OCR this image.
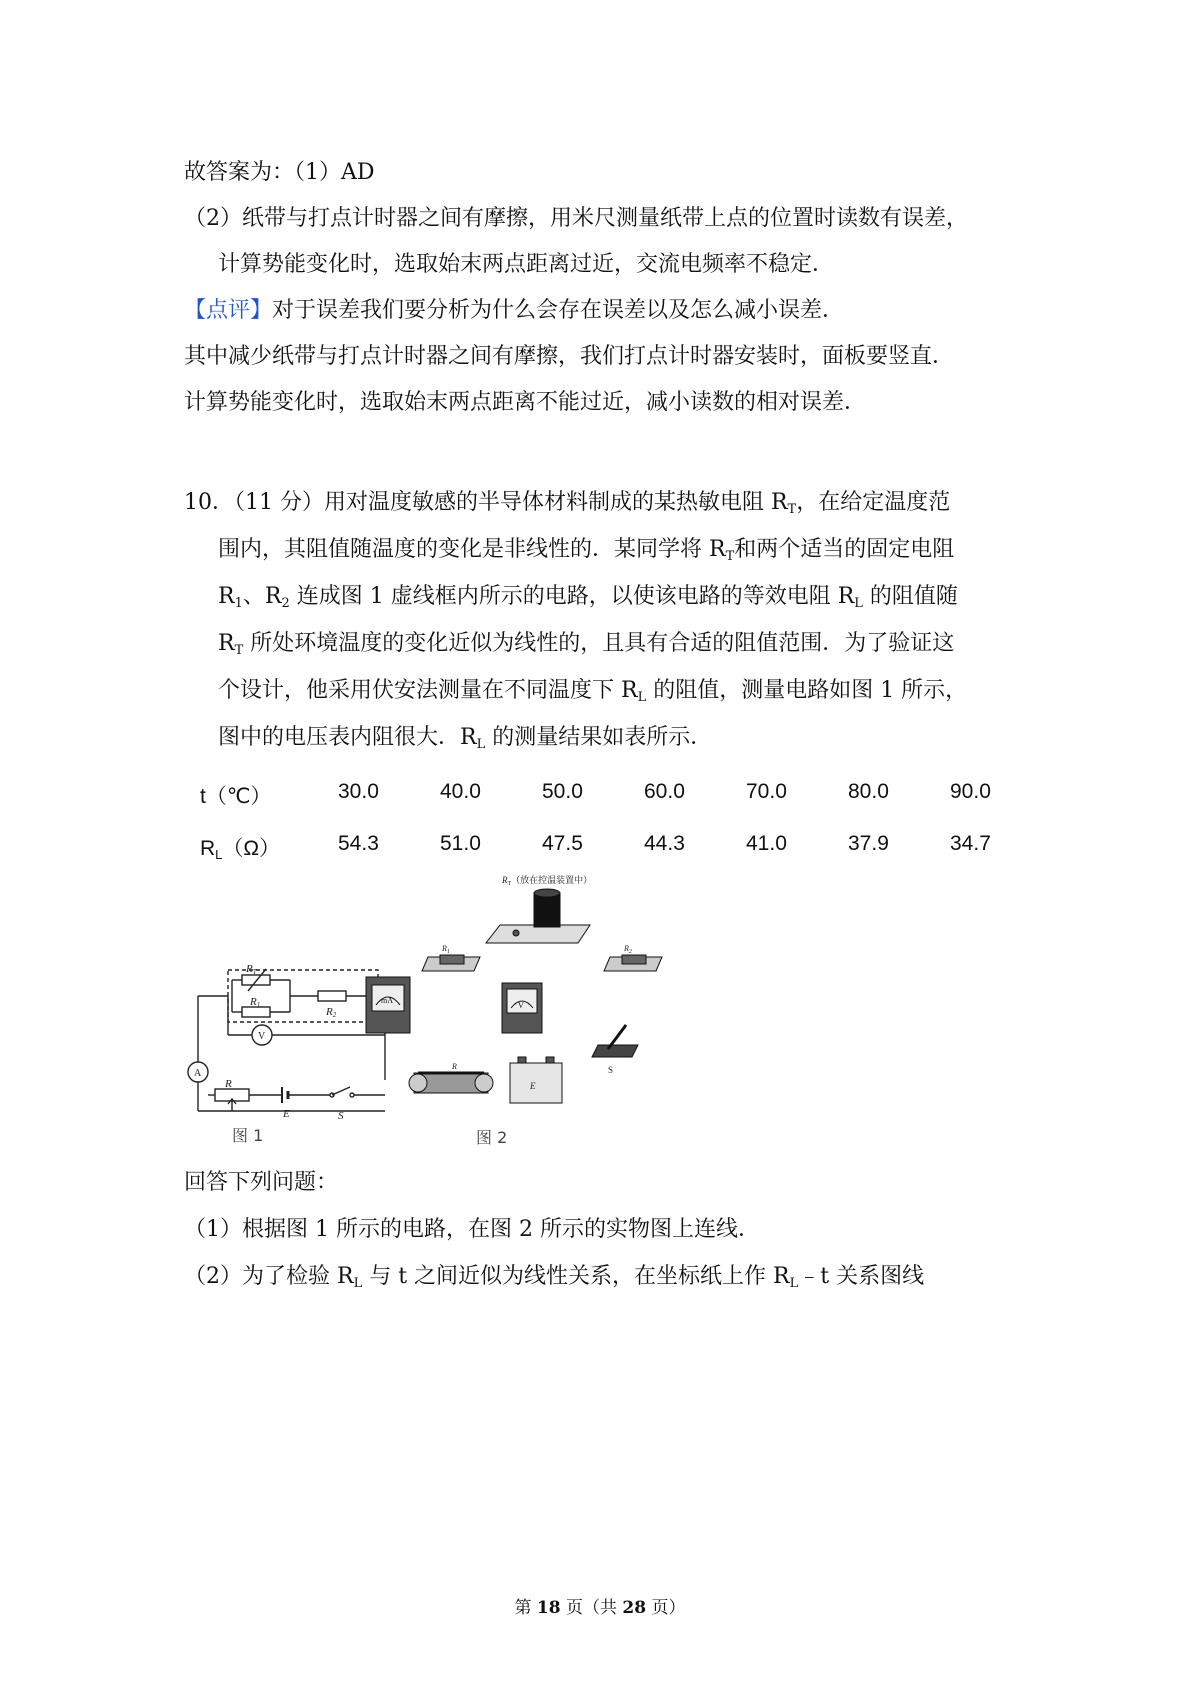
故答案为：（1）AD
（2）纸带与打点计时器之间有摩擦，用米尺测量纸带上点的位置时读数有误差，
计算势能变化时，选取始末两点距离过近，交流电频率不稳定．
【点评】对于误差我们要分析为什么会存在误差以及怎么减小误差．
其中减少纸带与打点计时器之间有摩擦，我们打点计时器安装时，面板要竖直．
计算势能变化时，选取始末两点距离不能过近，减小读数的相对误差．
10．（11 分）用对温度敏感的半导体材料制成的某热敏电阻 $R_T$，在给定温度范
围内，其阻值随温度的变化是非线性的．某同学将 $R_T$和两个适当的固定电阻
$R_1$、$R_2$ 连成图 1 虚线框内所示的电路，以使该电路的等效电阻 $R_L$ 的阻值随
$R_T$ 所处环境温度的变化近似为线性的，且具有合适的阻值范围．为了验证这
个设计，他采用伏安法测量在不同温度下 $R_L$ 的阻值，测量电路如图 1 所示，
图中的电压表内阻很大．$R_L$ 的测量结果如表所示．
t（℃）	30.0	40.0	50.0	60.0	70.0	80.0	90.0
$R_L(\Omega)$	54.3	51.0	47.5	44.3	41.0	37.9	34.7
RT
R1
R2
R
E	S
V
A
mA
$R_T$（放在控温装置中）
$R_1$	$R_2$
V
S
R
E
图 1	图 2
回答下列问题：
（1）根据图 1 所示的电路，在图 2 所示的实物图上连线．
（2）为了检验 $R_L$ 与 t 之间近似为线性关系，在坐标纸上作 $R_L﹣t$ 关系图线
第 18 页（共 28 页）
